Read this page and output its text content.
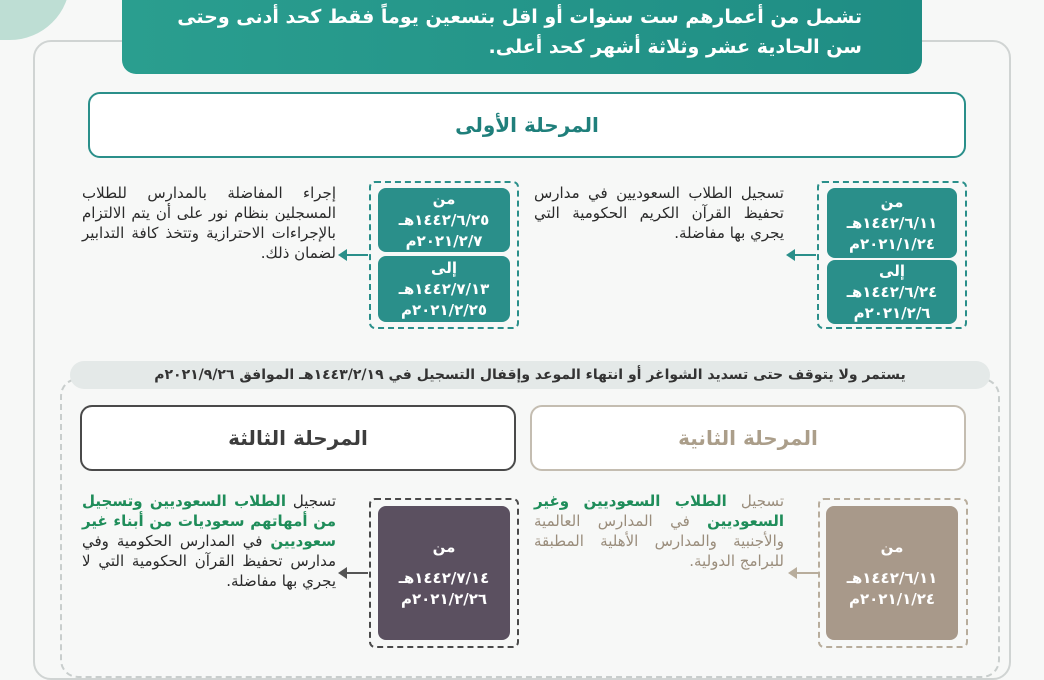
تشمل من أعمارهم ست سنوات أو اقل بتسعين يوماً فقط كحد أدنى وحتى
سن الحادية عشر وثلاثة أشهر كحد أعلى.
المرحلة الأولى
من
١٤٤٢/٦/١١هـ
٢٠٢١/١/٢٤م
إلى
١٤٤٢/٦/٢٤هـ
٢٠٢١/٢/٦م
تسجيل الطلاب السعوديين في مدارس تحفيظ القرآن الكريم الحكومية التي يجري بها مفاضلة.
من
١٤٤٢/٦/٢٥هـ
٢٠٢١/٢/٧م
إلى
١٤٤٢/٧/١٣هـ
٢٠٢١/٢/٢٥م
إجراء المفاضلة بالمدارس للطلاب المسجلين بنظام نور على أن يتم الالتزام بالإجراءات الاحترازية وتتخذ كافة التدابير لضمان ذلك.
يستمر ولا يتوقف حتى تسديد الشواغر أو انتهاء الموعد وإقفال التسجيل في ١٤٤٣/٢/١٩هـ الموافق ٢٠٢١/٩/٢٦م
المرحلة الثانية
من
١٤٤٢/٦/١١هـ
٢٠٢١/١/٢٤م
تسجيل الطلاب السعوديين وغير السعوديين في المدارس العالمية والأجنبية والمدارس الأهلية المطبقة للبرامج الدولية.
المرحلة الثالثة
من
١٤٤٢/٧/١٤هـ
٢٠٢١/٢/٢٦م
تسجيل الطلاب السعوديين وتسجيل من أمهاتهم سعوديات من أبناء غير سعوديين في المدارس الحكومية وفي مدارس تحفيظ القرآن الحكومية التي لا يجري بها مفاضلة.
